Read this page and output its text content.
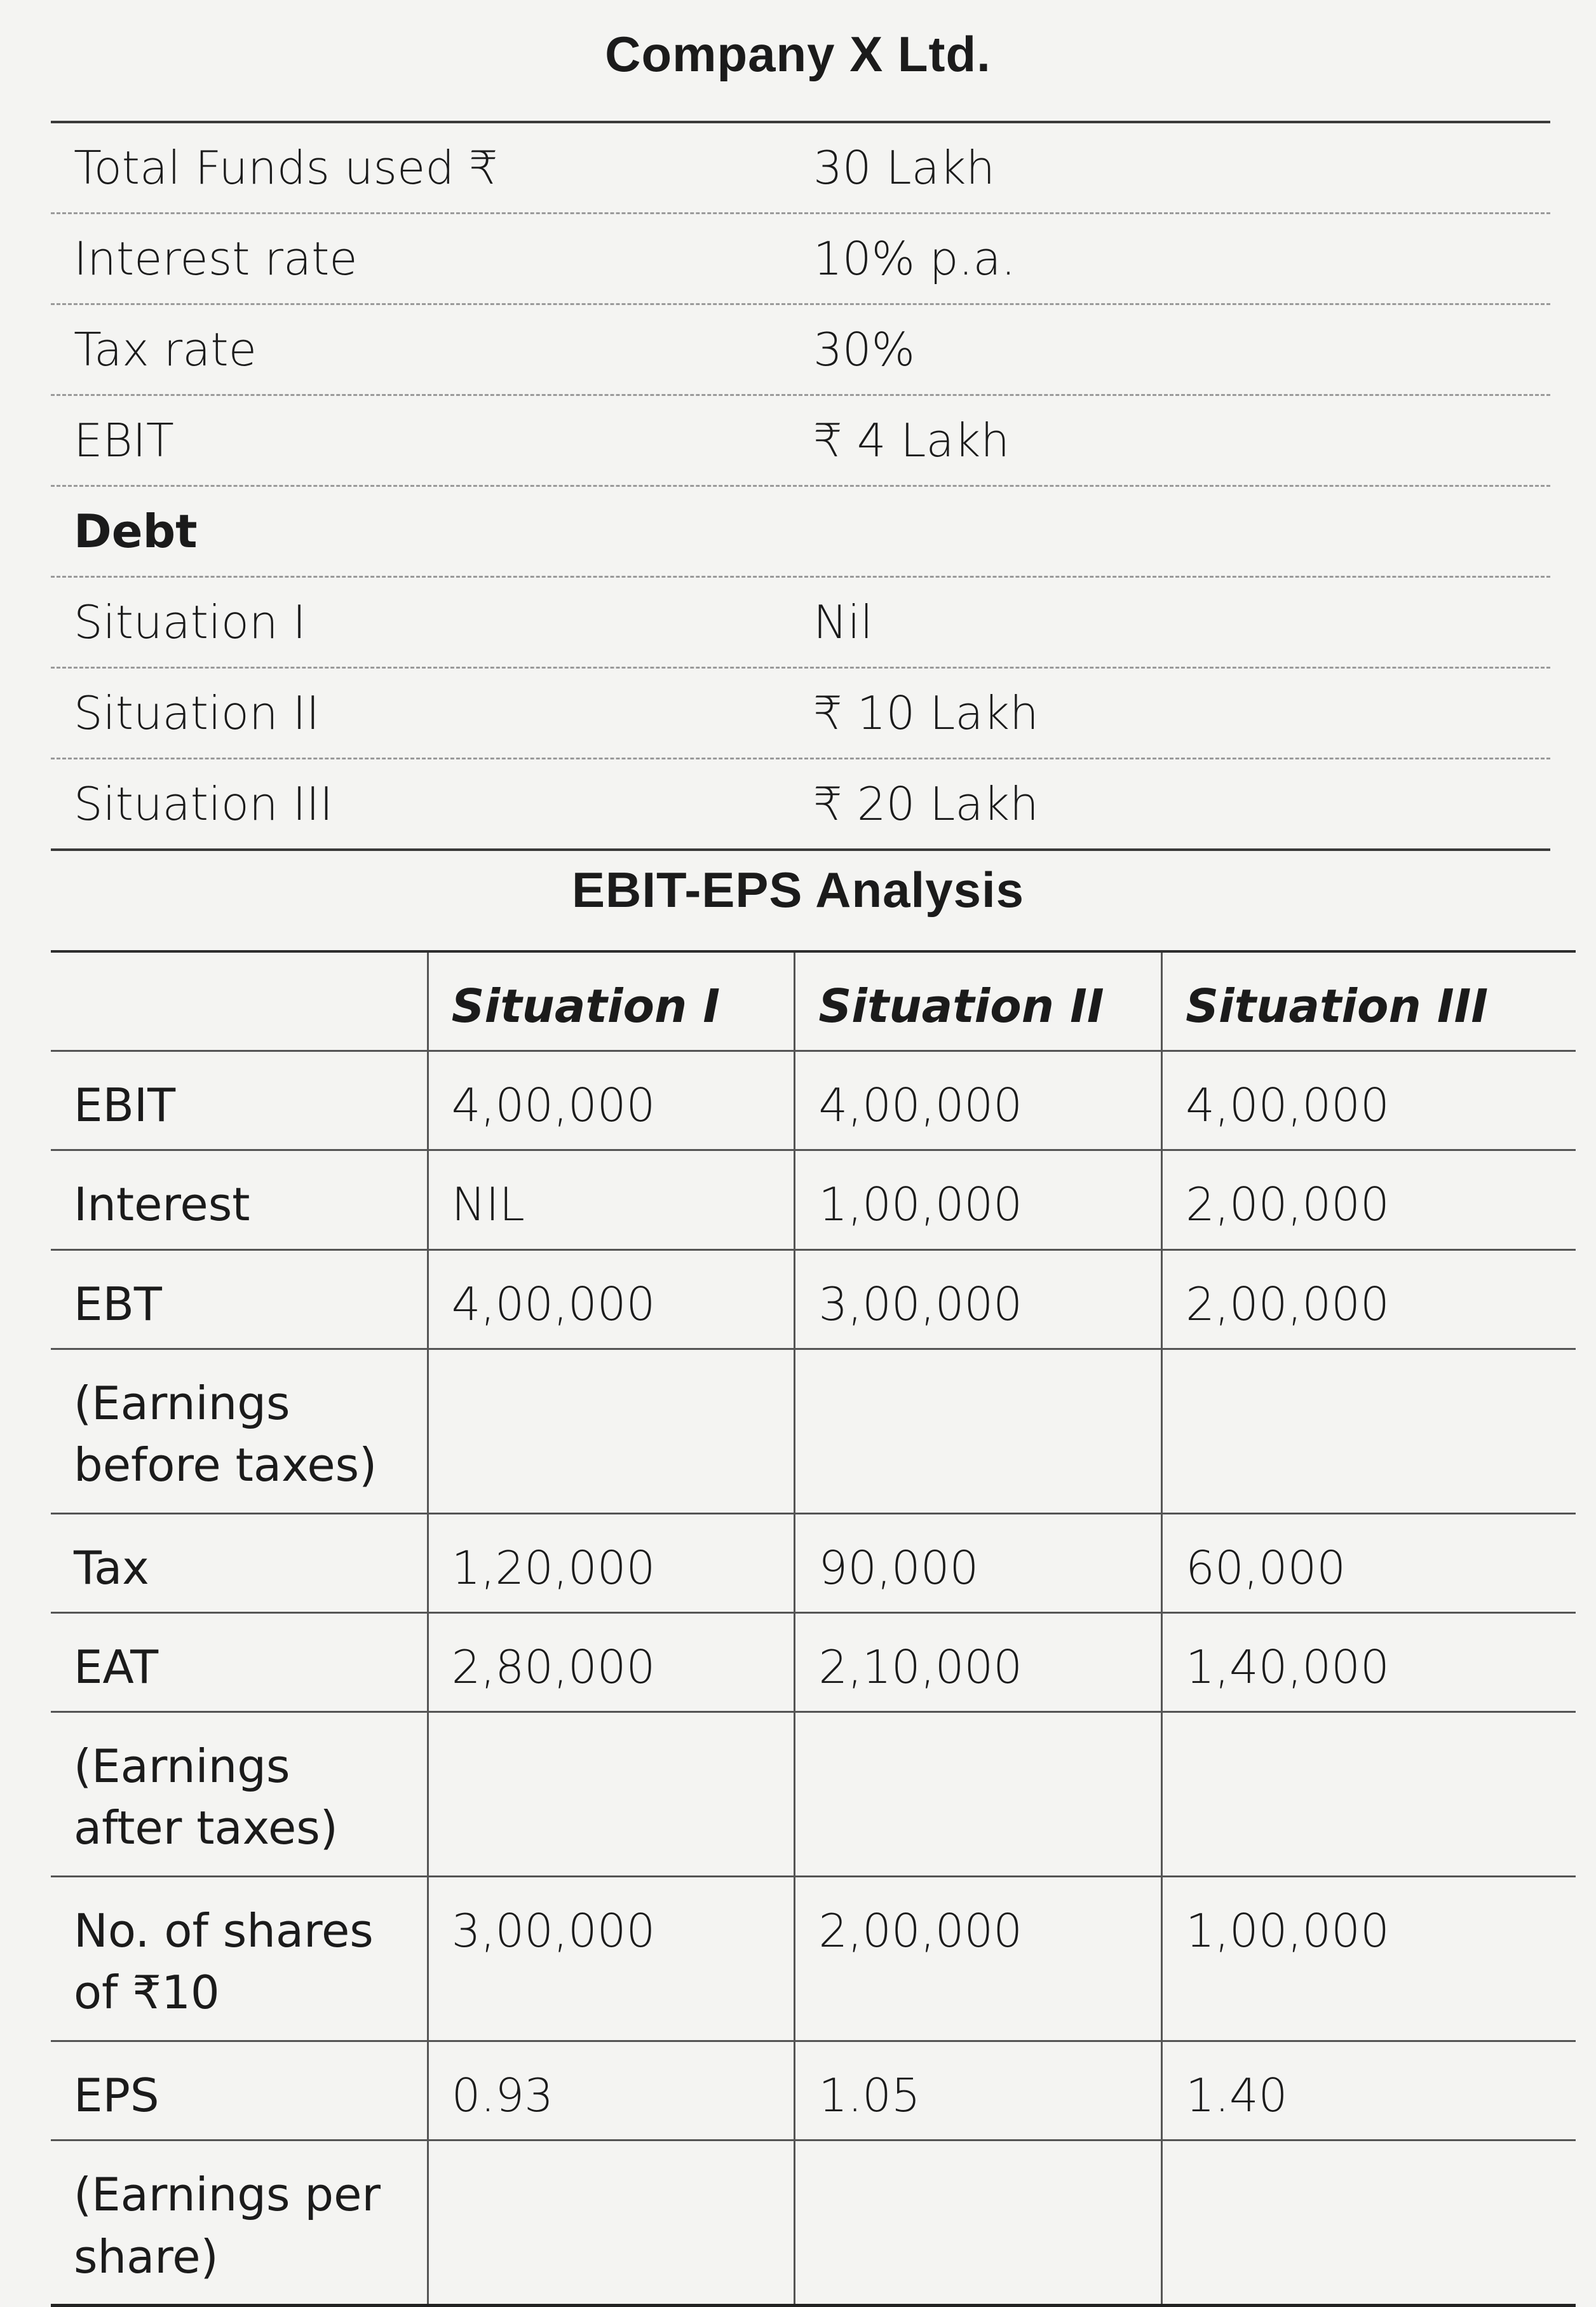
Company X Ltd.
Total Funds used ₹	30 Lakh
Interest rate	10% p.a.
Tax rate	30%
EBIT	₹ 4 Lakh
Debt
Situation I	Nil
Situation II	₹ 10 Lakh
Situation III	₹ 20 Lakh
EBIT-EPS Analysis
	Situation I	Situation II	Situation III
EBIT	4,00,000	4,00,000	4,00,000
Interest	NIL	1,00,000	2,00,000
EBT	4,00,000	3,00,000	2,00,000
(Earnings before taxes)			
Tax	1,20,000	90,000	60,000
EAT	2,80,000	2,10,000	1,40,000
(Earnings after taxes)			
No. of shares of ₹10	3,00,000	2,00,000	1,00,000
EPS	0.93	1.05	1.40
(Earnings per share)			
